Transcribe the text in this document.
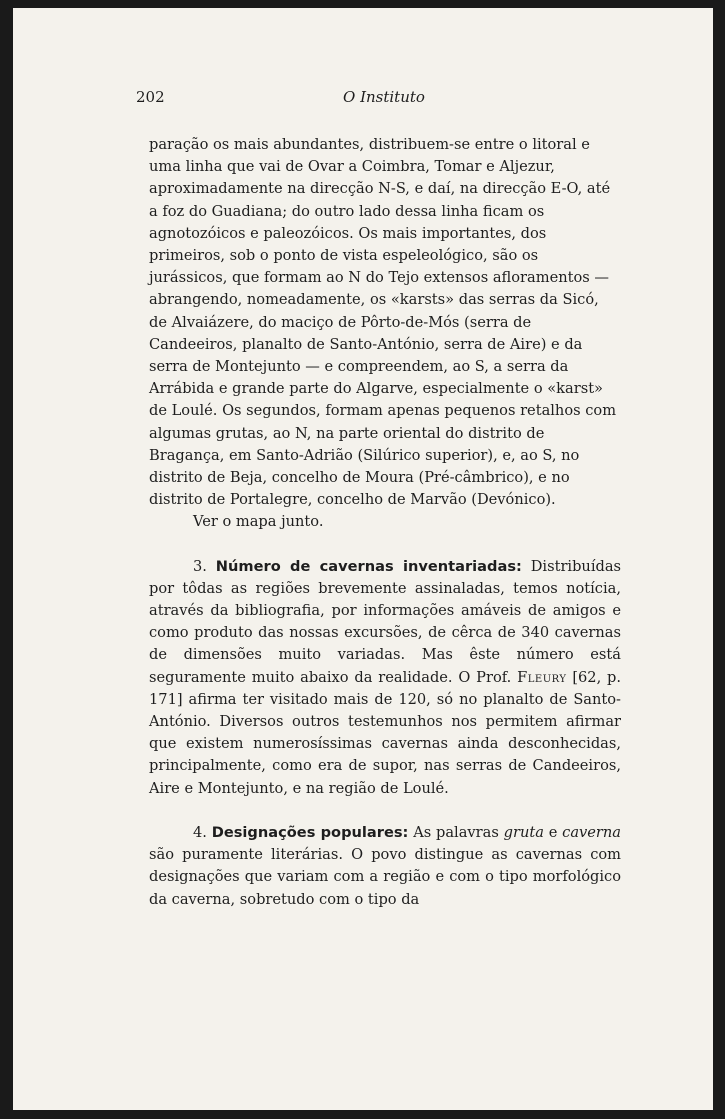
202	O Instituto

paração os mais abundantes, distribuem-se entre o litoral e uma linha que vai de Ovar a Coimbra, Tomar e Aljezur, aproximadamente na direcção N-S, e daí, na direcção E-O, até a foz do Guadiana; do outro lado dessa linha ficam os agnotozóicos e paleozóicos. Os mais importantes, dos primeiros, sob o ponto de vista espeleológico, são os jurássicos, que formam ao N do Tejo extensos afloramentos — abrangendo, nomeadamente, os «karsts» das serras da Sicó, de Alvaiázere, do maciço de Pôrto-de-Mós (serra de Candeeiros, planalto de Santo-António, serra de Aire) e da serra de Montejunto — e compreendem, ao S, a serra da Arrábida e grande parte do Algarve, especialmente o «karst» de Loulé. Os segundos, formam apenas pequenos retalhos com algumas grutas, ao N, na parte oriental do distrito de Bragança, em Santo-Adrião (Silúrico superior), e, ao S, no distrito de Beja, concelho de Moura (Pré-câmbrico), e no distrito de Portalegre, concelho de Marvão (Devónico).

Ver o mapa junto.

3. Número de cavernas inventariadas: Distribuídas por tôdas as regiões brevemente assinaladas, temos notícia, através da bibliografia, por informações amáveis de amigos e como produto das nossas excursões, de cêrca de 340 cavernas de dimensões muito variadas. Mas êste número está seguramente muito abaixo da realidade. O Prof. Fleury [62, p. 171] afirma ter visitado mais de 120, só no planalto de Santo-António. Diversos outros testemunhos nos permitem afirmar que existem numerosíssimas cavernas ainda desconhecidas, principalmente, como era de supor, nas serras de Candeeiros, Aire e Montejunto, e na região de Loulé.

4. Designações populares: As palavras gruta e caverna são puramente literárias. O povo distingue as cavernas com designações que variam com a região e com o tipo morfológico da caverna, sobretudo com o tipo da
